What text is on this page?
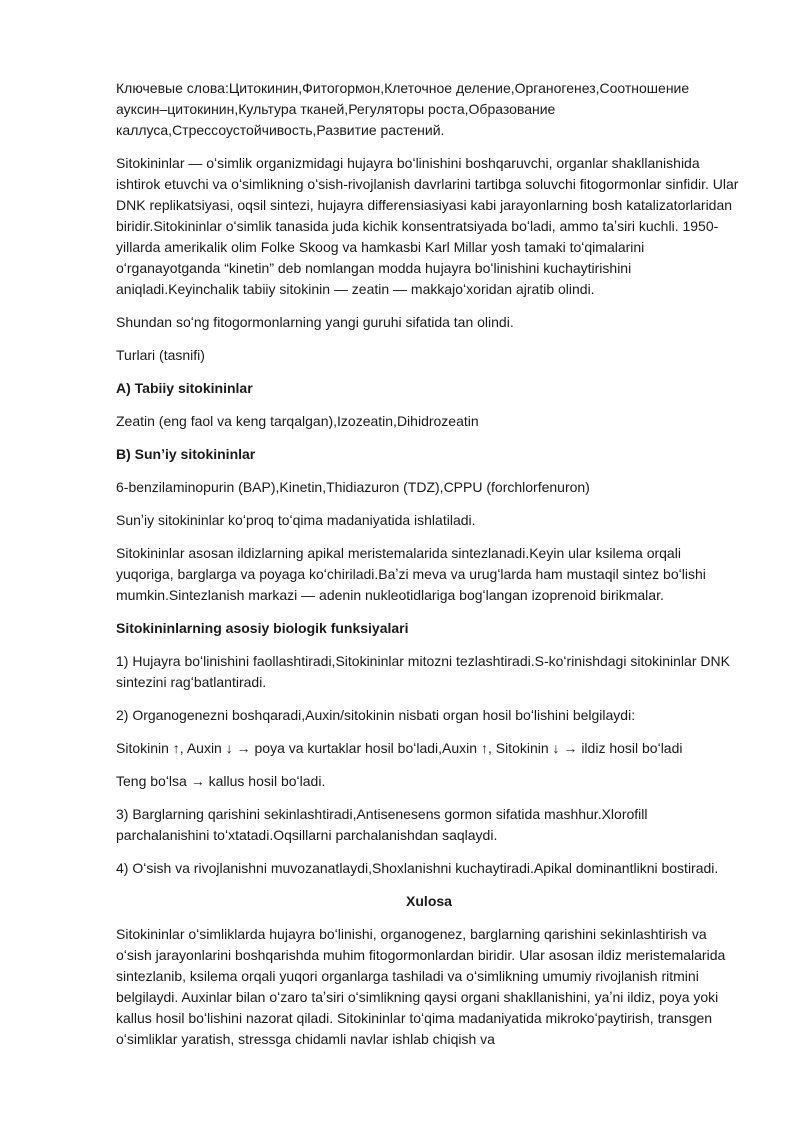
Ключевые слова:Цитокинин,Фитогормон,Клеточное деление,Органогенез,Соотношение ауксин–цитокинин,Культура тканей,Регуляторы роста,Образование каллуса,Стрессоустойчивость,Развитие растений.

Sitokininlar — oʻsimlik organizmidagi hujayra boʻlinishini boshqaruvchi, organlar shakllanishida ishtirok etuvchi va oʻsimlikning oʻsish-rivojlanish davrlarini tartibga soluvchi fitogormonlar sinfidir. Ular DNK replikatsiyasi, oqsil sintezi, hujayra differensiasiyasi kabi jarayonlarning bosh katalizatorlaridan biridir.Sitokininlar oʻsimlik tanasida juda kichik konsentratsiyada boʻladi, ammo taʼsiri kuchli. 1950-yillarda amerikalik olim Folke Skoog va hamkasbi Karl Millar yosh tamaki toʻqimalarini oʻrganayotganda “kinetin” deb nomlangan modda hujayra boʻlinishini kuchaytirishini aniqladi.Keyinchalik tabiiy sitokinin — zeatin — makkajoʻxoridan ajratib olindi.

Shundan soʻng fitogormonlarning yangi guruhi sifatida tan olindi.

Turlari (tasnifi)

A) Tabiiy sitokininlar

Zeatin (eng faol va keng tarqalgan),Izozeatin,Dihidrozeatin

B) Sunʼiy sitokininlar

6-benzilaminopurin (BAP),Kinetin,Thidiazuron (TDZ),CPPU (forchlorfenuron)

Sunʼiy sitokininlar koʻproq toʻqima madaniyatida ishlatiladi.

Sitokininlar asosan ildizlarning apikal meristemalarida sintezlanadi.Keyin ular ksilema orqali yuqoriga, barglarga va poyaga koʻchiriladi.Baʼzi meva va urugʻlarda ham mustaqil sintez boʻlishi mumkin.Sintezlanish markazi — adenin nukleotidlariga bogʻlangan izoprenoid birikmalar.

Sitokininlarning asosiy biologik funksiyalari

1) Hujayra boʻlinishini faollashtiradi,Sitokininlar mitozni tezlashtiradi.S-koʻrinishdagi sitokininlar DNK sintezini ragʻbatlantiradi.

2) Organogenezni boshqaradi,Auxin/sitokinin nisbati organ hosil boʻlishini belgilaydi:

Sitokinin ↑, Auxin ↓ → poya va kurtaklar hosil boʻladi,Auxin ↑, Sitokinin ↓ → ildiz hosil boʻladi

Teng boʻlsa → kallus hosil boʻladi.

3) Barglarning qarishini sekinlashtiradi,Antisenesens gormon sifatida mashhur.Xlorofill parchalanishini toʻxtatadi.Oqsillarni parchalanishdan saqlaydi.

4) Oʻsish va rivojlanishni muvozanatlaydi,Shoxlanishni kuchaytiradi.Apikal dominantlikni bostiradi.

Xulosa

Sitokininlar oʻsimliklarda hujayra boʻlinishi, organogenez, barglarning qarishini sekinlashtirish va oʻsish jarayonlarini boshqarishda muhim fitogormonlardan biridir. Ular asosan ildiz meristemalarida sintezlanib, ksilema orqali yuqori organlarga tashiladi va oʻsimlikning umumiy rivojlanish ritmini belgilaydi. Auxinlar bilan oʻzaro taʼsiri oʻsimlikning qaysi organi shakllanishini, yaʼni ildiz, poya yoki kallus hosil boʻlishini nazorat qiladi. Sitokininlar toʻqima madaniyatida mikrokoʻpaytirish, transgen oʻsimliklar yaratish, stressga chidamli navlar ishlab chiqish va
